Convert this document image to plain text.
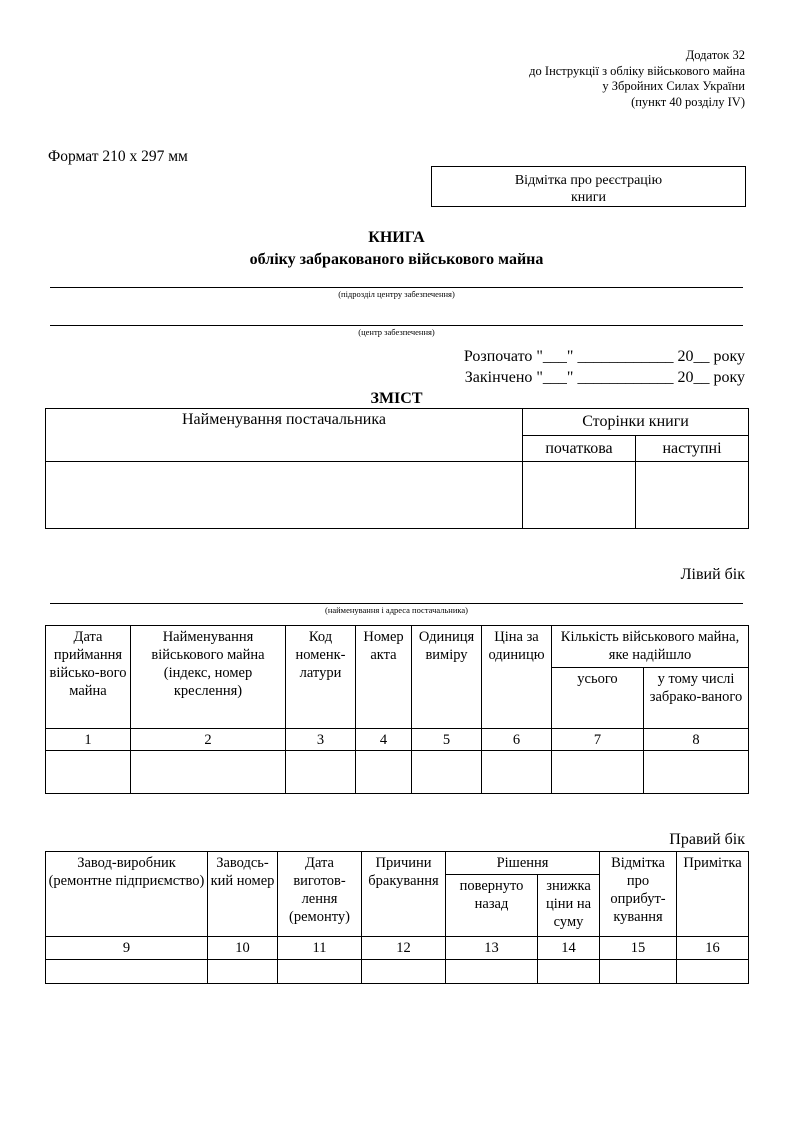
Додаток 32
до Інструкції з обліку військового майна
у Збройних Силах України
(пункт 40 розділу IV)
Формат 210 х 297 мм
Відмітка про реєстрацію
книги
КНИГА
обліку забракованого військового майна
(підрозділ центру забезпечення)
(центр забезпечення)
Розпочато "___" ____________ 20__ року
Закінчено "___" ____________ 20__ року
ЗМІСТ
Найменування постачальника	Сторінки книги	
	початкова	наступні

Лівий бік
(найменування і адреса постачальника)
Дата приймання військо-вого майна	Найменування військового майна (індекс, номер креслення)	Код номенк-латури	Номер акта	Одиниця виміру	Ціна за одиницю	Кількість військового майна, яке надійшло	
						усього	у тому числі забрако-ваного
1	2	3	4	5	6	7	8

Правий бік
Завод-виробник (ремонтне підприємство)	Заводсь-кий номер	Дата виготов-лення (ремонту)	Причини бракування	Рішення		Відмітка про оприбут-кування	Примітка
				повернуто назад	знижка ціни на суму		
9	10	11	12	13	14	15	16
